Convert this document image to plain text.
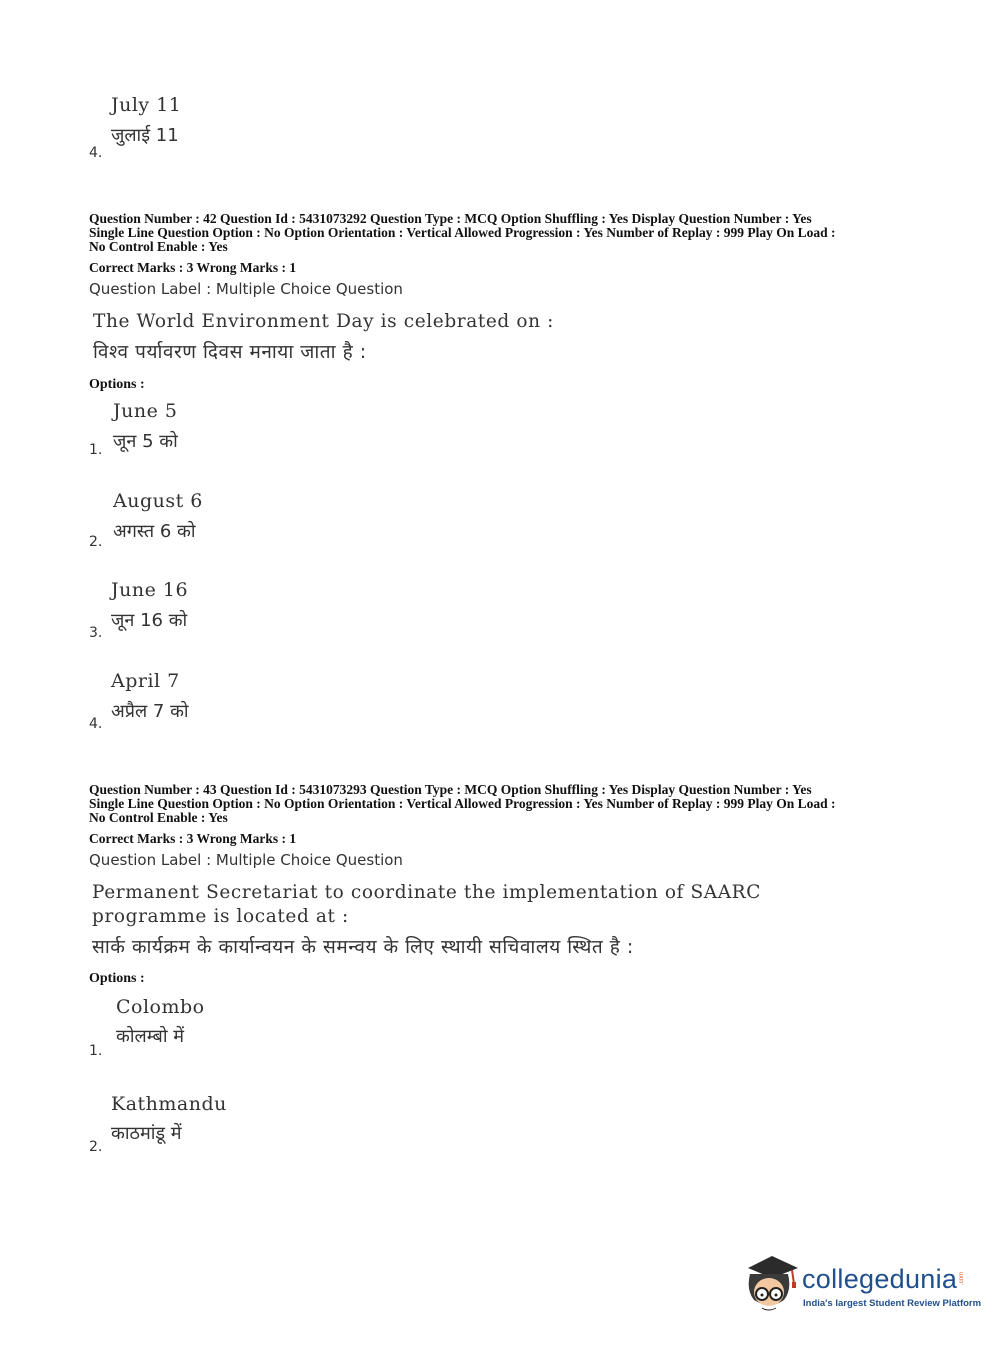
July 11
जुलाई 11
4.
Question Number : 42 Question Id : 5431073292 Question Type : MCQ Option Shuffling : Yes Display Question Number : Yes
Single Line Question Option : No Option Orientation : Vertical Allowed Progression : Yes Number of Replay : 999 Play On Load :
No Control Enable : Yes
Correct Marks : 3 Wrong Marks : 1
Question Label : Multiple Choice Question
The World Environment Day is celebrated on :
विश्व पर्यावरण दिवस मनाया जाता है :
Options :
June 5
जून 5 को
1.
August 6
अगस्त 6 को
2.
June 16
जून 16 को
3.
April 7
अप्रैल 7 को
4.
Question Number : 43 Question Id : 5431073293 Question Type : MCQ Option Shuffling : Yes Display Question Number : Yes
Single Line Question Option : No Option Orientation : Vertical Allowed Progression : Yes Number of Replay : 999 Play On Load :
No Control Enable : Yes
Correct Marks : 3 Wrong Marks : 1
Question Label : Multiple Choice Question
Permanent Secretariat to coordinate the implementation of SAARC
programme is located at :
सार्क कार्यक्रम के कार्यान्वयन के समन्वय के लिए स्थायी सचिवालय स्थित है :
Options :
Colombo
कोलम्बो में
1.
Kathmandu
काठमांडू में
2.
collegedunia .com
India's largest Student Review Platform
